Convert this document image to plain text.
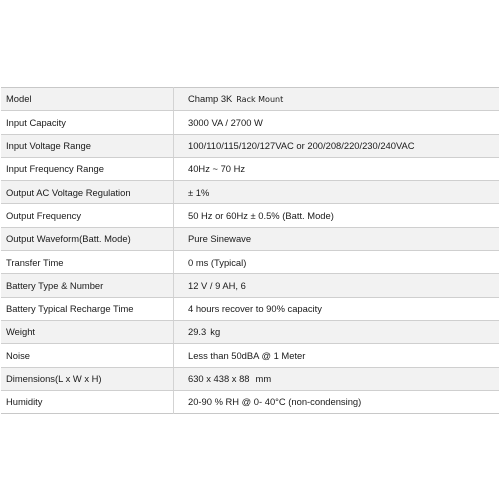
Model	Champ 3K Rack Mount
Input Capacity	3000 VA / 2700 W
Input Voltage Range	100/110/115/120/127VAC or 200/208/220/230/240VAC
Input Frequency Range	40Hz ~ 70 Hz
Output AC Voltage Regulation	± 1%
Output Frequency	50 Hz or 60Hz ± 0.5% (Batt. Mode)
Output Waveform(Batt. Mode)	Pure Sinewave
Transfer Time	0 ms (Typical)
Battery Type & Number	12 V / 9 AH, 6
Battery Typical Recharge Time	4 hours recover to 90% capacity
Weight	29.3 kg
Noise	Less than 50dBA @ 1 Meter
Dimensions(L x W x H)	630 x 438 x 88 mm
Humidity	20-90 % RH @ 0- 40°C (non-condensing)
